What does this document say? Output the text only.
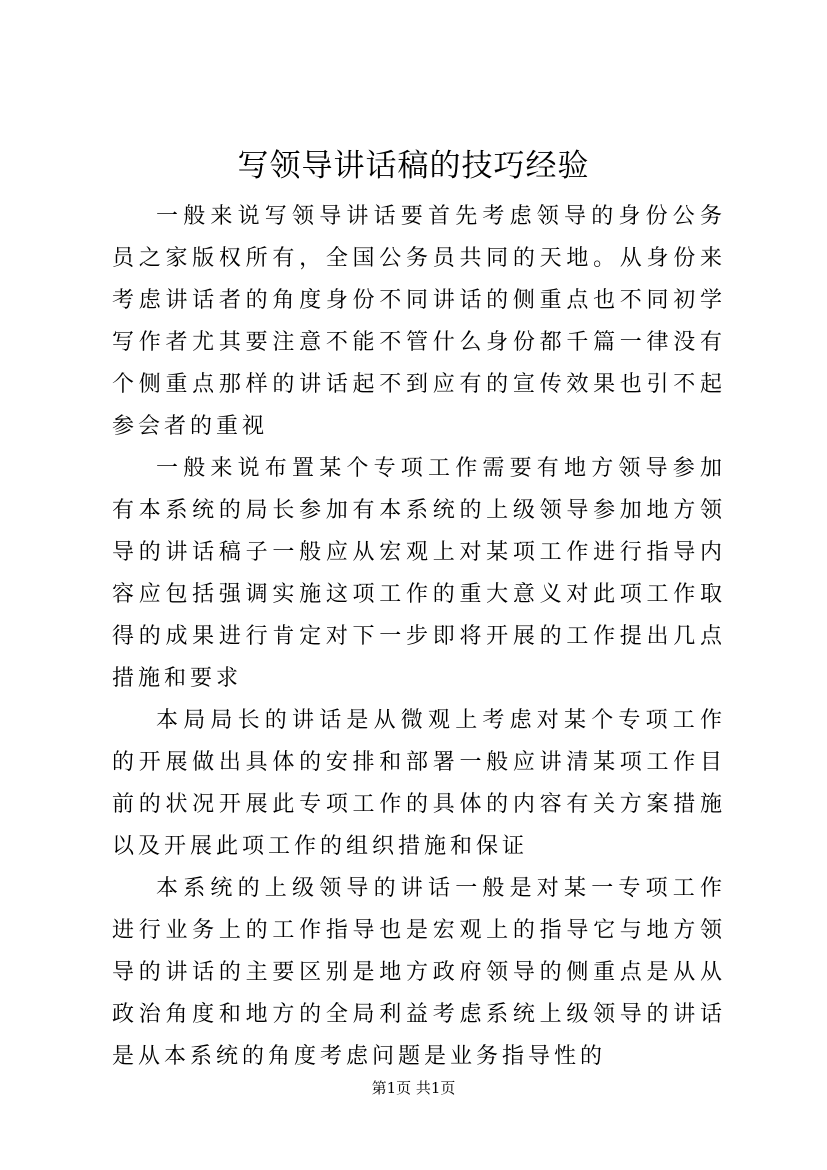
写领导讲话稿的技巧经验

一般来说写领导讲话要首先考虑领导的身份公务员之家版权所有，全国公务员共同的天地。从身份来考虑讲话者的角度身份不同讲话的侧重点也不同初学写作者尤其要注意不能不管什么身份都千篇一律没有个侧重点那样的讲话起不到应有的宣传效果也引不起参会者的重视

一般来说布置某个专项工作需要有地方领导参加有本系统的局长参加有本系统的上级领导参加地方领导的讲话稿子一般应从宏观上对某项工作进行指导内容应包括强调实施这项工作的重大意义对此项工作取得的成果进行肯定对下一步即将开展的工作提出几点措施和要求

本局局长的讲话是从微观上考虑对某个专项工作的开展做出具体的安排和部署一般应讲清某项工作目前的状况开展此专项工作的具体的内容有关方案措施以及开展此项工作的组织措施和保证

本系统的上级领导的讲话一般是对某一专项工作进行业务上的工作指导也是宏观上的指导它与地方领导的讲话的主要区别是地方政府领导的侧重点是从从政治角度和地方的全局利益考虑系统上级领导的讲话是从本系统的角度考虑问题是业务指导性的

第1页 共1页
